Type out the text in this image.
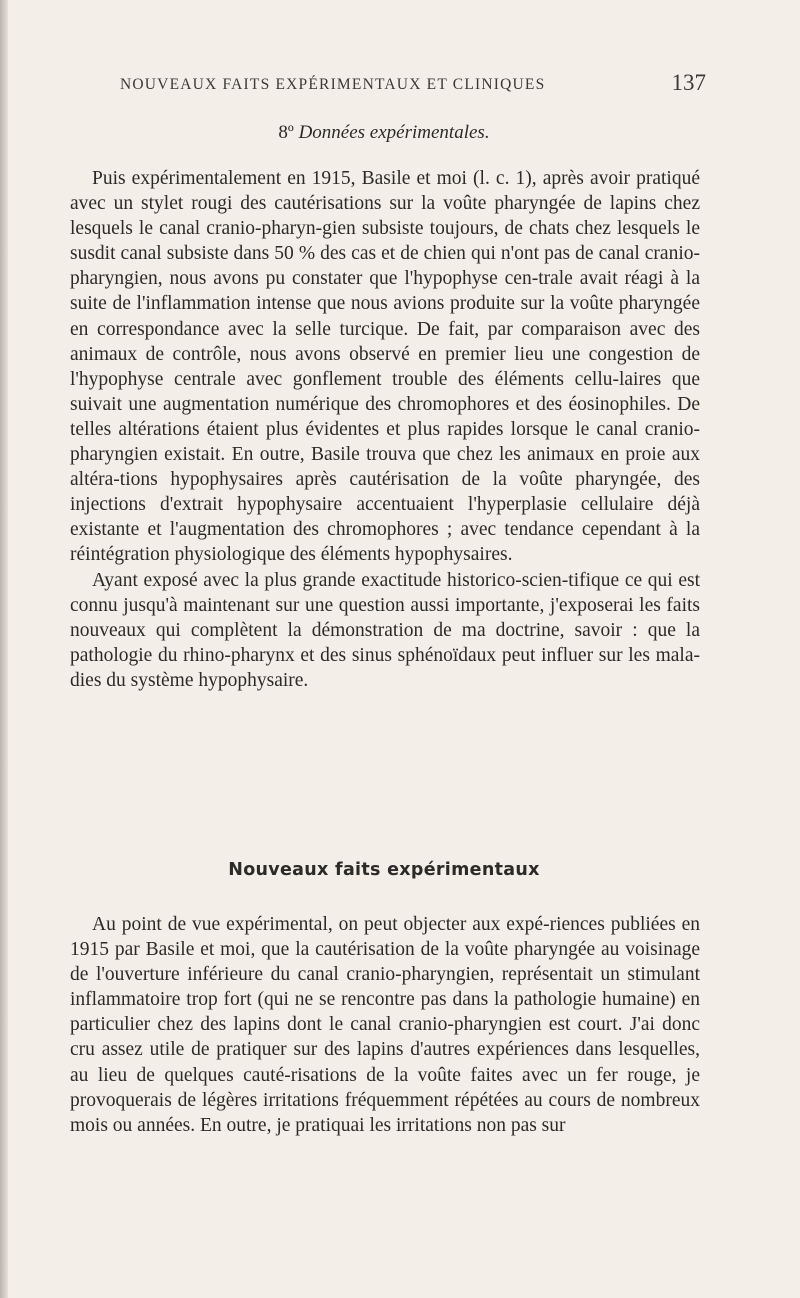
NOUVEAUX FAITS EXPÉRIMENTAUX ET CLINIQUES	137
8º Données expérimentales.

Puis expérimentalement en 1915, Basile et moi (l. c. 1), après avoir pratiqué avec un stylet rougi des cautérisations sur la voûte pharyngée de lapins chez lesquels le canal cranio-pharyn-gien subsiste toujours, de chats chez lesquels le susdit canal subsiste dans 50 % des cas et de chien qui n'ont pas de canal cranio-pharyngien, nous avons pu constater que l'hypophyse cen-trale avait réagi à la suite de l'inflammation intense que nous avions produite sur la voûte pharyngée en correspondance avec la selle turcique. De fait, par comparaison avec des animaux de contrôle, nous avons observé en premier lieu une congestion de l'hypophyse centrale avec gonflement trouble des éléments cellu-laires que suivait une augmentation numérique des chromophores et des éosinophiles. De telles altérations étaient plus évidentes et plus rapides lorsque le canal cranio-pharyngien existait. En outre, Basile trouva que chez les animaux en proie aux altéra-tions hypophysaires après cautérisation de la voûte pharyngée, des injections d'extrait hypophysaire accentuaient l'hyperplasie cellulaire déjà existante et l'augmentation des chromophores ; avec tendance cependant à la réintégration physiologique des éléments hypophysaires.

Ayant exposé avec la plus grande exactitude historico-scien-tifique ce qui est connu jusqu'à maintenant sur une question aussi importante, j'exposerai les faits nouveaux qui complètent la démonstration de ma doctrine, savoir : que la pathologie du rhino-pharynx et des sinus sphénoïdaux peut influer sur les mala-dies du système hypophysaire.

Nouveaux faits expérimentaux

Au point de vue expérimental, on peut objecter aux expé-riences publiées en 1915 par Basile et moi, que la cautérisation de la voûte pharyngée au voisinage de l'ouverture inférieure du canal cranio-pharyngien, représentait un stimulant inflammatoire trop fort (qui ne se rencontre pas dans la pathologie humaine) en particulier chez des lapins dont le canal cranio-pharyngien est court. J'ai donc cru assez utile de pratiquer sur des lapins d'autres expériences dans lesquelles, au lieu de quelques cauté-risations de la voûte faites avec un fer rouge, je provoquerais de légères irritations fréquemment répétées au cours de nombreux mois ou années. En outre, je pratiquai les irritations non pas sur
